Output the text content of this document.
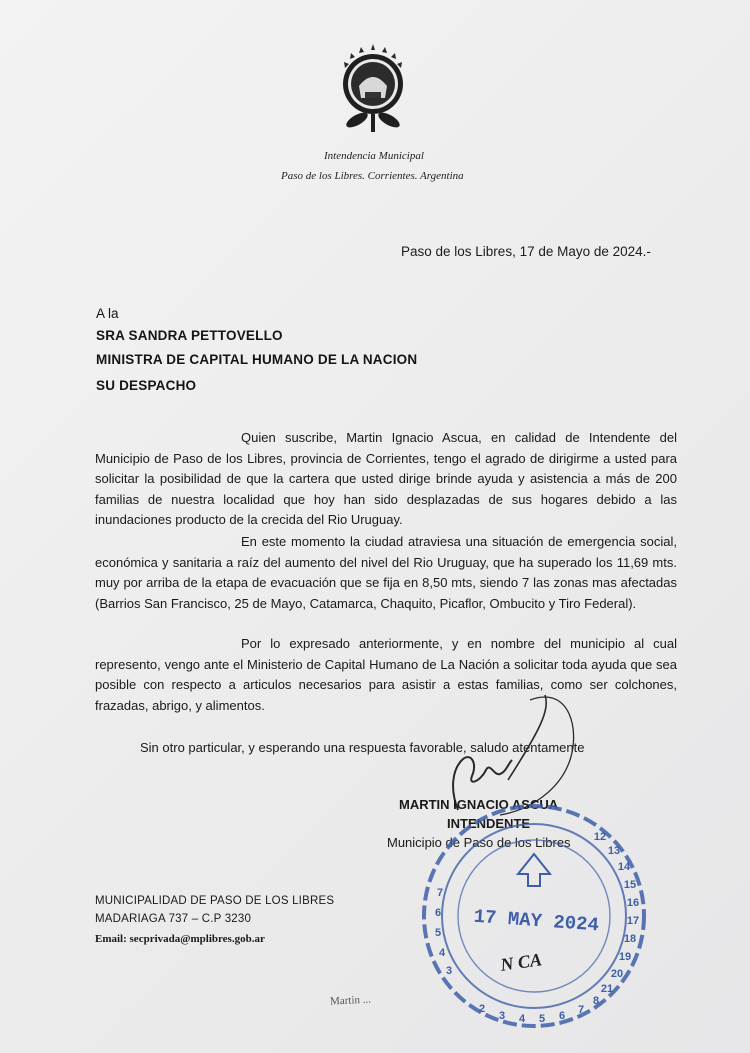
Intendencia Municipal
Paso de los Libres. Corrientes. Argentina
Paso de los Libres, 17 de Mayo de 2024.-
A la
SRA SANDRA PETTOVELLO
MINISTRA DE CAPITAL HUMANO DE LA NACION
SU DESPACHO

Quien suscribe, Martin Ignacio Ascua, en calidad de Intendente del Municipio de Paso de los Libres, provincia de Corrientes, tengo el agrado de dirigirme a usted para solicitar la posibilidad de que la cartera que usted dirige brinde ayuda y asistencia a más de 200 familias de nuestra localidad que hoy han sido desplazadas de sus hogares debido a las inundaciones producto de la crecida del Rio Uruguay.

En este momento la ciudad atraviesa una situación de emergencia social, económica y sanitaria a raíz del aumento del nivel del Rio Uruguay, que ha superado los 11,69 mts. muy por arriba de la etapa de evacuación que se fija en 8,50 mts, siendo 7 las zonas mas afectadas (Barrios San Francisco, 25 de Mayo, Catamarca, Chaquito, Picaflor, Ombucito y Tiro Federal).

Por lo expresado anteriormente, y en nombre del municipio al cual represento, vengo ante el Ministerio de Capital Humano de La Nación a solicitar toda ayuda que sea posible con respecto a articulos necesarios para asistir a estas familias, como ser colchones, frazadas, abrigo, y alimentos.

Sin otro particular, y esperando una respuesta favorable, saludo atentamente
MARTIN IGNACIO ASCUA
INTENDENTE
Municipio de Paso de los Libres 12
13
14
15
16
17
18
19
20
21
7
6
5
4
3
2
3 4 5 6 7
8
17 MAY 2024
N CA
MUNICIPALIDAD DE PASO DE LOS LIBRES
MADARIAGA 737 – C.P 3230
Email: secprivada@mplibres.gob.ar
Martin ...
